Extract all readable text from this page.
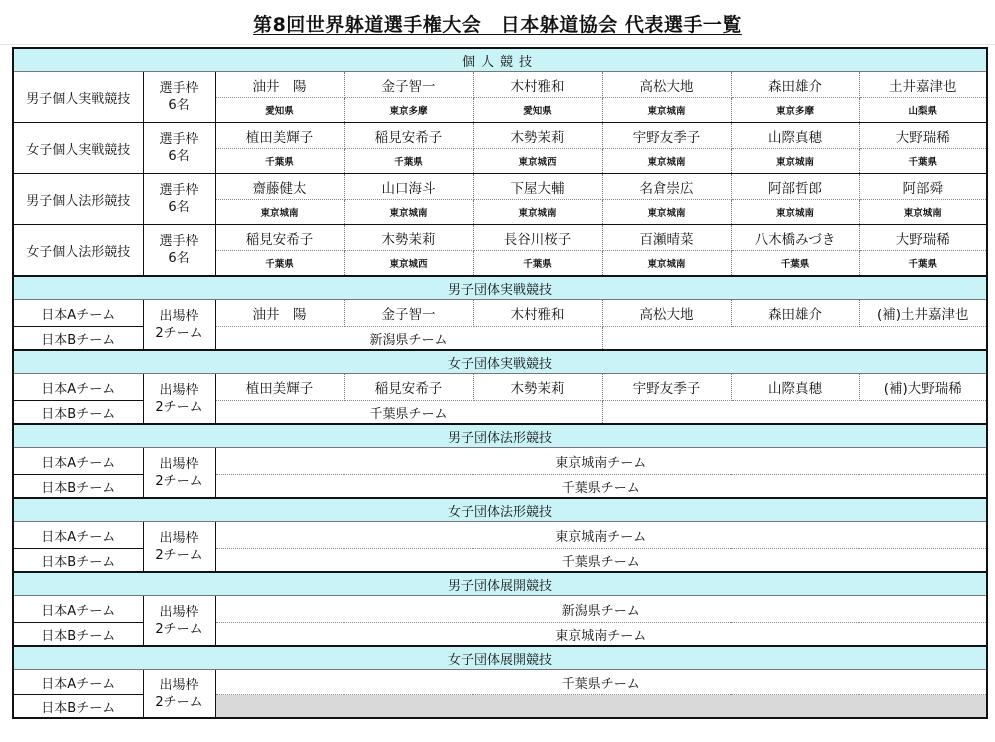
第8回世界躰道選手権大会　日本躰道協会 代表選手一覧
個人競技							
男子個人実戦競技	選手枠
6名	油井　陽	金子智一	木村雅和	高松大地	森田雄介	土井嘉津也
		愛知県	東京多摩	愛知県	東京城南	東京多摩	山梨県
女子個人実戦競技	選手枠
6名	植田美輝子	稲見安希子	木勢茉莉	宇野友季子	山際真穂	大野瑞稀
		千葉県	千葉県	東京城西	東京城南	東京城南	千葉県
男子個人法形競技	選手枠
6名	齋藤健太	山口海斗	下屋大輔	名倉崇広	阿部哲郎	阿部舜
		東京城南	東京城南	東京城南	東京城南	東京城南	東京城南
女子個人法形競技	選手枠
6名	稲見安希子	木勢茉莉	長谷川桜子	百瀬晴菜	八木橋みづき	大野瑞稀
		千葉県	東京城西	千葉県	東京城南	千葉県	千葉県
男子団体実戦競技							
日本Aチーム	出場枠
2チーム	油井　陽	金子智一	木村雅和	高松大地	森田雄介	(補)土井嘉津也
日本Bチーム		新潟県チーム					
女子団体実戦競技							
日本Aチーム	出場枠
2チーム	植田美輝子	稲見安希子	木勢茉莉	宇野友季子	山際真穂	(補)大野瑞稀
日本Bチーム		千葉県チーム					
男子団体法形競技							
日本Aチーム	出場枠
2チーム	東京城南チーム					
日本Bチーム		千葉県チーム					
女子団体法形競技							
日本Aチーム	出場枠
2チーム	東京城南チーム					
日本Bチーム		千葉県チーム					
男子団体展開競技							
日本Aチーム	出場枠
2チーム	新潟県チーム					
日本Bチーム		東京城南チーム					
女子団体展開競技							
日本Aチーム	出場枠
2チーム	千葉県チーム					
日本Bチーム							
